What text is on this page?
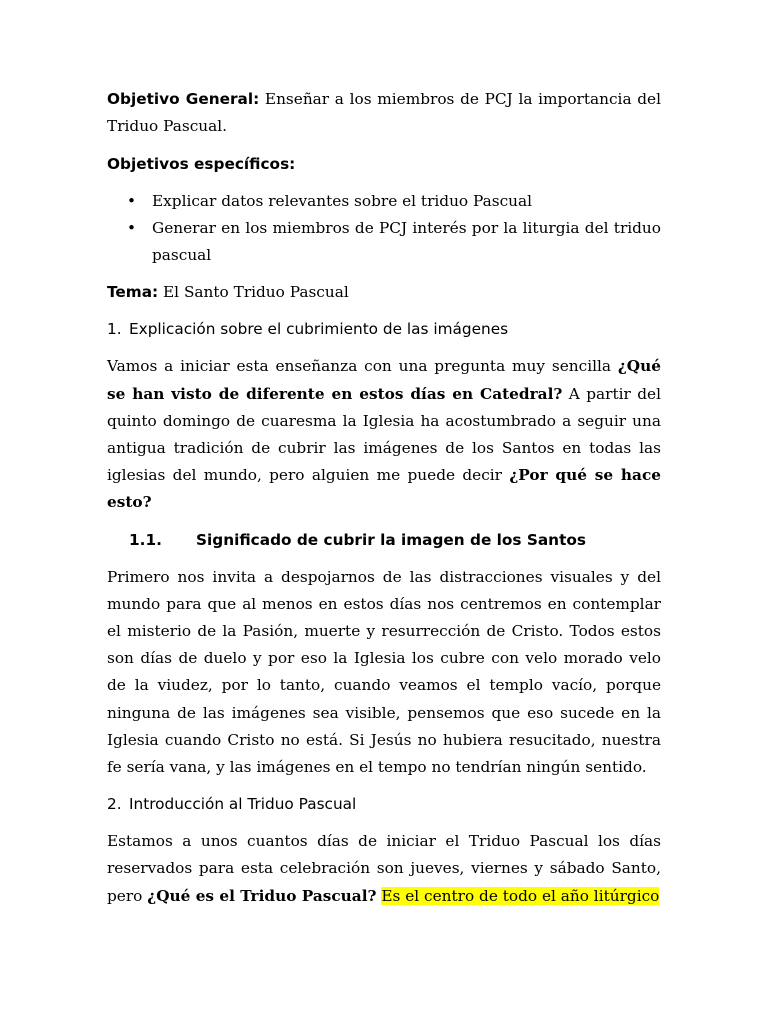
Objetivo General: Enseñar a los miembros de PCJ la importancia del Triduo Pascual.

Objetivos específicos:

• Explicar datos relevantes sobre el triduo Pascual
• Generar en los miembros de PCJ interés por la liturgia del triduo pascual

Tema: El Santo Triduo Pascual

1. Explicación sobre el cubrimiento de las imágenes

Vamos a iniciar esta enseñanza con una pregunta muy sencilla ¿Qué se han visto de diferente en estos días en Catedral? A partir del quinto domingo de cuaresma la Iglesia ha acostumbrado a seguir una antigua tradición de cubrir las imágenes de los Santos en todas las iglesias del mundo, pero alguien me puede decir ¿Por qué se hace esto?

1.1. Significado de cubrir la imagen de los Santos

Primero nos invita a despojarnos de las distracciones visuales y del mundo para que al menos en estos días nos centremos en contemplar el misterio de la Pasión, muerte y resurrección de Cristo. Todos estos son días de duelo y por eso la Iglesia los cubre con velo morado velo de la viudez, por lo tanto, cuando veamos el templo vacío, porque ninguna de las imágenes sea visible, pensemos que eso sucede en la Iglesia cuando Cristo no está. Si Jesús no hubiera resucitado, nuestra fe sería vana, y las imágenes en el tempo no tendrían ningún sentido.

2. Introducción al Triduo Pascual

Estamos a unos cuantos días de iniciar el Triduo Pascual los días reservados para esta celebración son jueves, viernes y sábado Santo, pero ¿Qué es el Triduo Pascual? Es el centro de todo el año litúrgico
